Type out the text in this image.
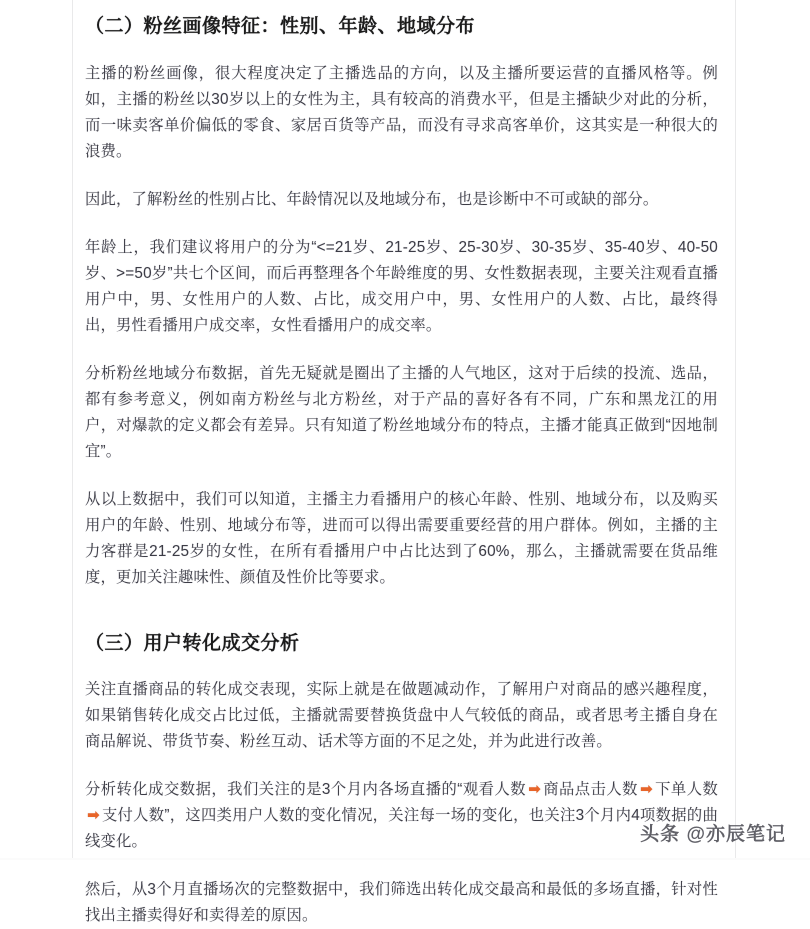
（二）粉丝画像特征：性别、年龄、地域分布

主播的粉丝画像，很大程度决定了主播选品的方向，以及主播所要运营的直播风格等。例如，主播的粉丝以30岁以上的女性为主，具有较高的消费水平，但是主播缺少对此的分析，而一味卖客单价偏低的零食、家居百货等产品，而没有寻求高客单价，这其实是一种很大的浪费。

因此，了解粉丝的性别占比、年龄情况以及地域分布，也是诊断中不可或缺的部分。

年龄上，我们建议将用户的分为“<=21岁、21-25岁、25-30岁、30-35岁、35-40岁、40-50岁、>=50岁”共七个区间，而后再整理各个年龄维度的男、女性数据表现，主要关注观看直播用户中，男、女性用户的人数、占比，成交用户中，男、女性用户的人数、占比，最终得出，男性看播用户成交率，女性看播用户的成交率。

分析粉丝地域分布数据，首先无疑就是圈出了主播的人气地区，这对于后续的投流、选品，都有参考意义，例如南方粉丝与北方粉丝，对于产品的喜好各有不同，广东和黑龙江的用户，对爆款的定义都会有差异。只有知道了粉丝地域分布的特点，主播才能真正做到“因地制宜”。

从以上数据中，我们可以知道，主播主力看播用户的核心年龄、性别、地域分布，以及购买用户的年龄、性别、地域分布等，进而可以得出需要重要经营的用户群体。例如，主播的主力客群是21-25岁的女性，在所有看播用户中占比达到了60%，那么，主播就需要在货品维度，更加关注趣味性、颜值及性价比等要求。

（三）用户转化成交分析

关注直播商品的转化成交表现，实际上就是在做题减动作，了解用户对商品的感兴趣程度，如果销售转化成交占比过低，主播就需要替换货盘中人气较低的商品，或者思考主播自身在商品解说、带货节奏、粉丝互动、话术等方面的不足之处，并为此进行改善。

分析转化成交数据，我们关注的是3个月内各场直播的“观看人数 ➡ 商品点击人数 ➡ 下单人数➡ 支付人数”，这四类用户人数的变化情况，关注每一场的变化，也关注3个月内4项数据的曲线变化。

然后，从3个月直播场次的完整数据中，我们筛选出转化成交最高和最低的多场直播，针对性找出主播卖得好和卖得差的原因。

头条 @亦辰笔记
